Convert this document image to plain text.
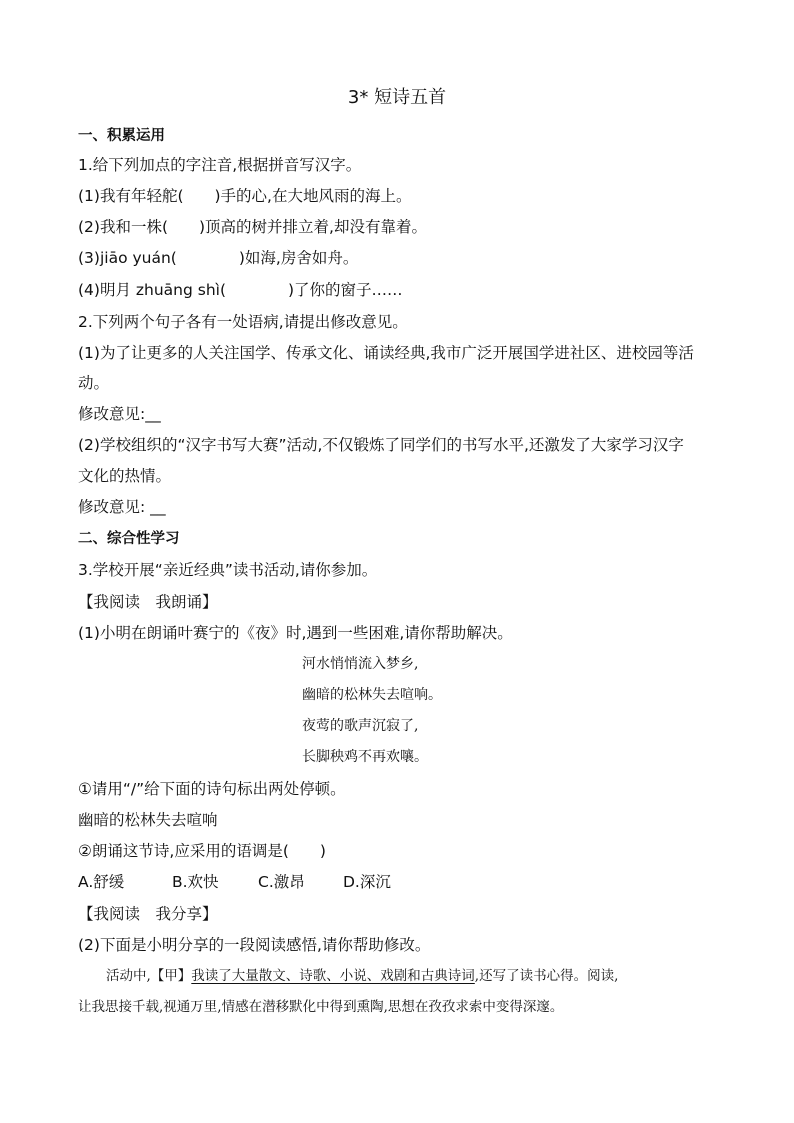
3* 短诗五首
一、积累运用
1.给下列加点的字注音,根据拼音写汉字。
(1)我有年轻舵(　　)手的心,在大地风雨的海上。
(2)我和一株(　　)顶高的树并排立着,却没有靠着。
(3)jiāo yuán(　　　　)如海,房舍如舟。
(4)明月 zhuāng shì(　　　　)了你的窗子……
2.下列两个句子各有一处语病,请提出修改意见。
(1)为了让更多的人关注国学、传承文化、诵读经典,我市广泛开展国学进社区、进校园等活
动。
修改意见:__
(2)学校组织的“汉字书写大赛”活动,不仅锻炼了同学们的书写水平,还激发了大家学习汉字
文化的热情。
修改意见: __
二、综合性学习
3.学校开展“亲近经典”读书活动,请你参加。
【我阅读　我朗诵】
(1)小明在朗诵叶赛宁的《夜》时,遇到一些困难,请你帮助解决。
河水悄悄流入梦乡,
幽暗的松林失去喧响。
夜莺的歌声沉寂了,
长脚秧鸡不再欢嚷。
①请用“/”给下面的诗句标出两处停顿。
幽暗的松林失去喧响
②朗诵这节诗,应采用的语调是(　　)
A.舒缓	B.欢快	C.激昂 D.深沉
【我阅读　我分享】
(2)下面是小明分享的一段阅读感悟,请你帮助修改。
活动中,【甲】我读了大量散文、诗歌、小说、戏剧和古典诗词,还写了读书心得。阅读,
让我思接千载,视通万里,情感在潜移默化中得到熏陶,思想在孜孜求索中变得深邃。
